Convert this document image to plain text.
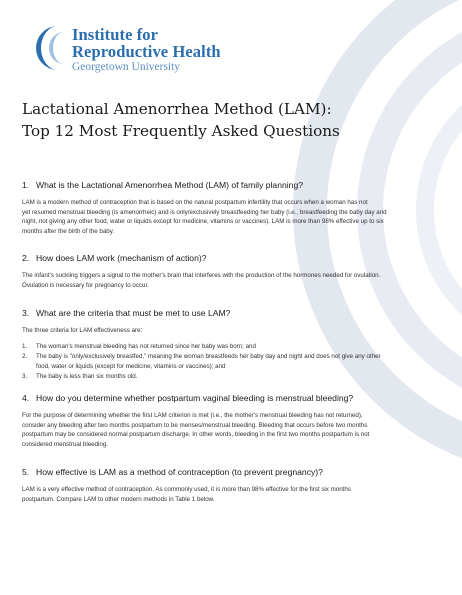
Institute for
Reproductive Health
Georgetown University
Lactational Amenorrhea Method (LAM):
Top 12 Most Frequently Asked Questions
1. What is the Lactational Amenorrhea Method (LAM) of family planning?
LAM is a modern method of contraception that is based on the natural postpartum infertility that occurs when a woman has not
yet resumed menstrual bleeding (is amenorrheic) and is only/exclusively breastfeeding her baby (i.e., breastfeeding the baby day and
night, not giving any other food, water or liquids except for medicine, vitamins or vaccines). LAM is more than 98% effective up to six
months after the birth of the baby.
2. How does LAM work (mechanism of action)?
The infant's suckling triggers a signal to the mother's brain that interferes with the production of the hormones needed for ovulation.
Ovulation is necessary for pregnancy to occur.
3. What are the criteria that must be met to use LAM?
The three criteria for LAM effectiveness are:
1. The woman's menstrual bleeding has not returned since her baby was born; and
2. The baby is "only/exclusively breastfed," meaning the woman breastfeeds her baby day and night and does not give any other
food, water or liquids (except for medicine, vitamins or vaccines); and
3. The baby is less than six months old.
4. How do you determine whether postpartum vaginal bleeding is menstrual bleeding?
For the purpose of determining whether the first LAM criterion is met (i.e., the mother's menstrual bleeding has not returned),
consider any bleeding after two months postpartum to be menses/menstrual bleeding. Bleeding that occurs before two months
postpartum may be considered normal postpartum discharge. In other words, bleeding in the first two months postpartum is not
considered menstrual bleeding.
5. How effective is LAM as a method of contraception (to prevent pregnancy)?
LAM is a very effective method of contraception. As commonly used, it is more than 98% effective for the first six months
postpartum. Compare LAM to other modern methods in Table 1 below.
